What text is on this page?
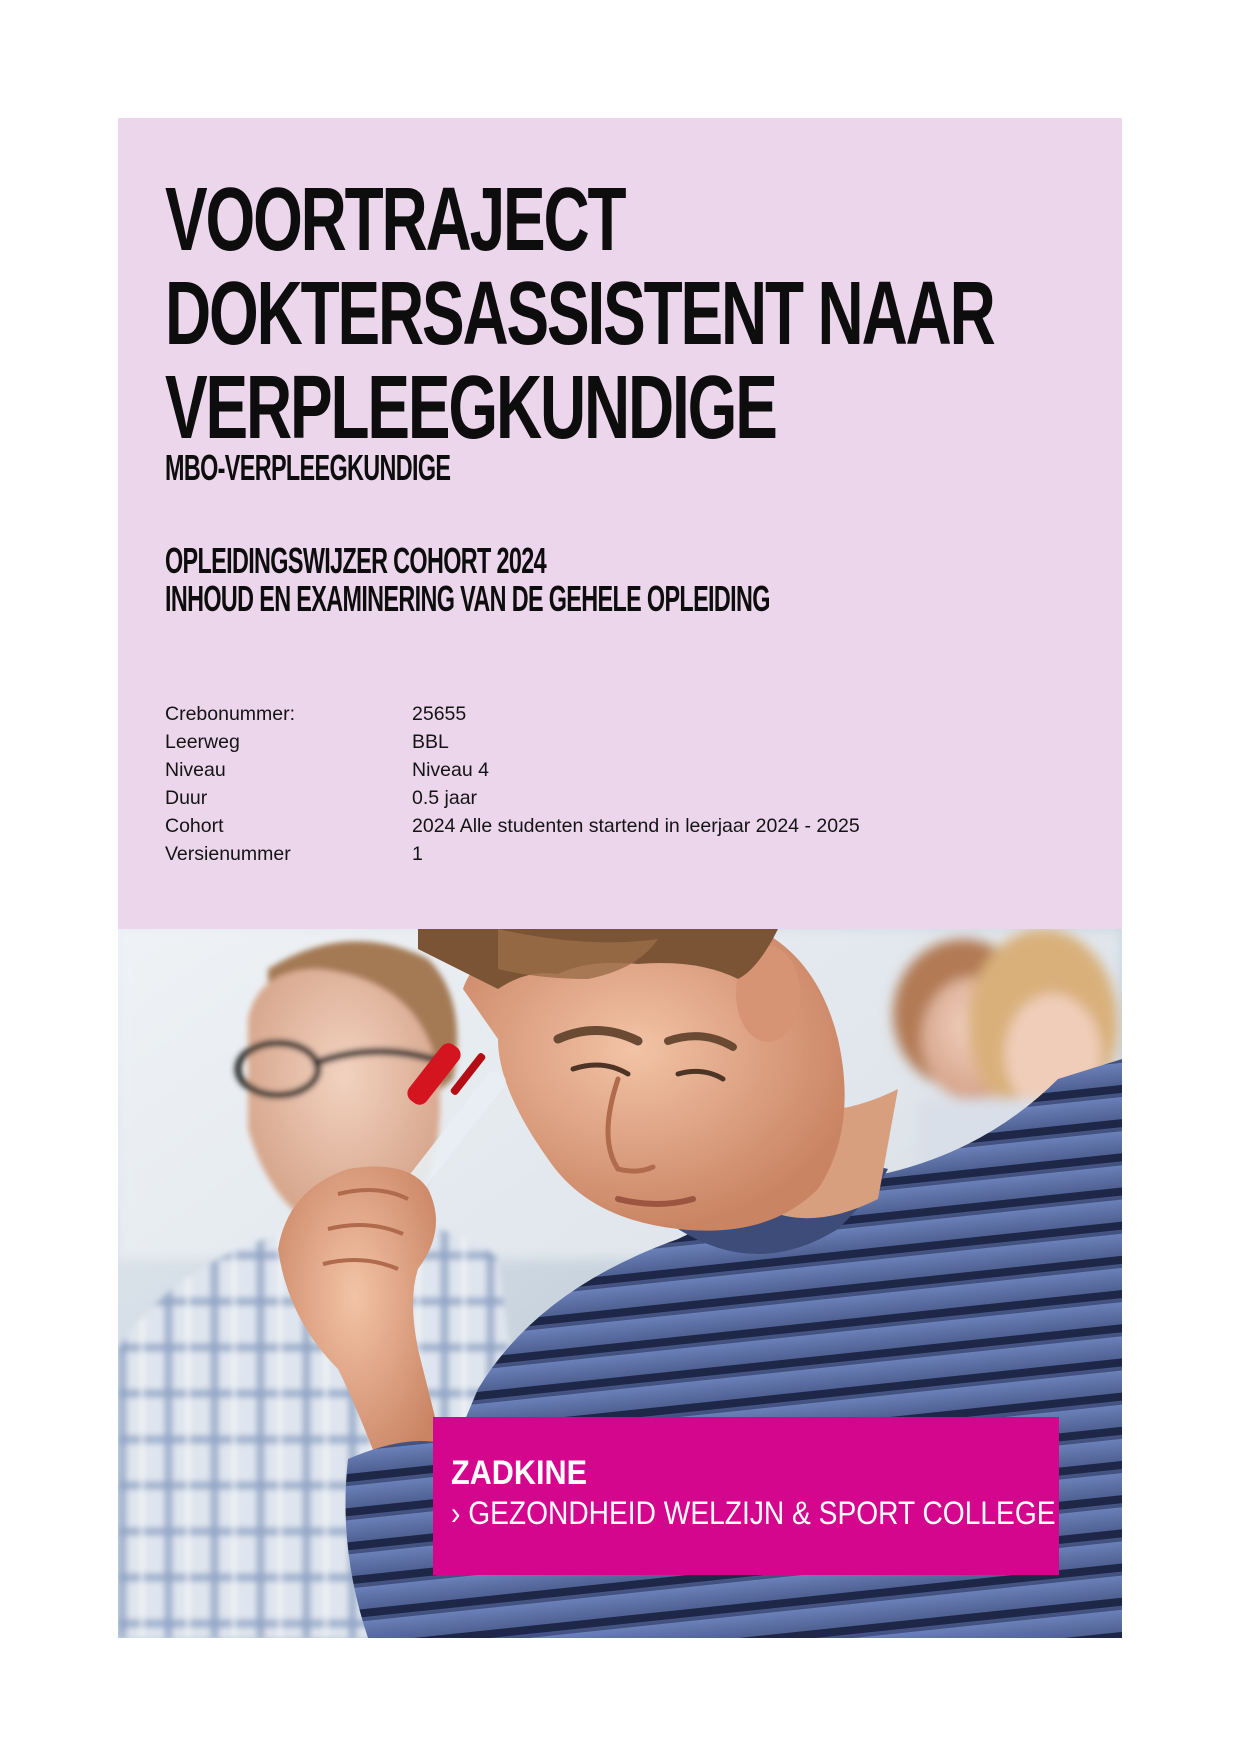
VOORTRAJECT
DOKTERSASSISTENT NAAR
VERPLEEGKUNDIGE
MBO-VERPLEEGKUNDIGE
OPLEIDINGSWIJZER COHORT 2024
INHOUD EN EXAMINERING VAN DE GEHELE OPLEIDING
Crebonummer:	25655
Leerweg	BBL
Niveau	Niveau 4
Duur	0.5 jaar
Cohort	2024 Alle studenten startend in leerjaar 2024 - 2025
Versienummer	1
ZADKINE
› GEZONDHEID WELZIJN & SPORT COLLEGE
